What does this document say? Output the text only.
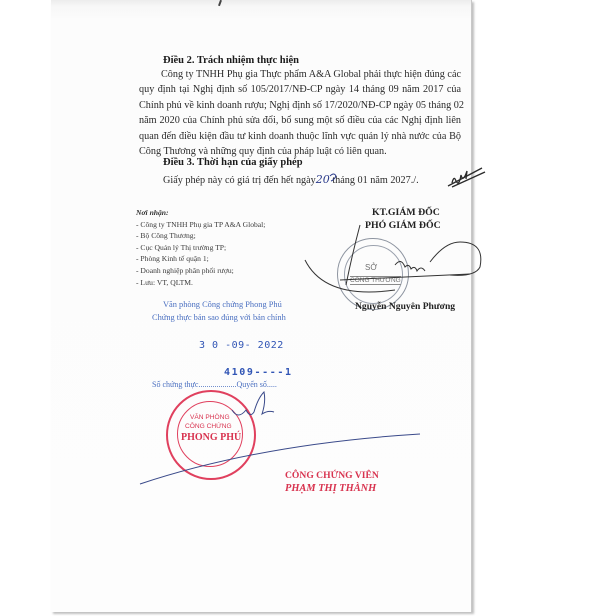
Điều 2. Trách nhiệm thực hiện
Công ty TNHH Phụ gia Thực phẩm A&A Global phải thực hiện đúng các
quy định tại Nghị định số 105/2017/NĐ-CP ngày 14 tháng 09 năm 2017 của
Chính phủ về kinh doanh rượu; Nghị định số 17/2020/NĐ-CP ngày 05 tháng 02
năm 2020 của Chính phủ sửa đổi, bổ sung một số điều của các Nghị định liên
quan đến điều kiện đầu tư kinh doanh thuộc lĩnh vực quản lý nhà nước của Bộ
Công Thương và những quy định của pháp luật có liên quan.
Điều 3. Thời hạn của giấy phép
Giấy phép này có giá trị đến hết ngày20 tháng 01 năm 2027./.
Nơi nhận:
- Công ty TNHH Phụ gia TP A&A Global;
- Bộ Công Thương;
- Cục Quản lý Thị trường TP;
- Phòng Kinh tế quận 1;
- Doanh nghiệp phân phối rượu;
- Lưu: VT, QLTM.
KT.GIÁM ĐỐC
PHÓ GIÁM ĐỐC
SỞ
CÔNG THƯƠNG
Nguyễn Nguyên Phương
Văn phòng Công chứng Phong Phú
Chứng thực bản sao đúng với bản chính
3 0 -09- 2022
4109----1
Số chứng thực...................Quyển số.....
VĂN PHÒNG
CÔNG CHỨNG
PHONG PHÚ
CÔNG CHỨNG VIÊN
PHẠM THỊ THÀNH
